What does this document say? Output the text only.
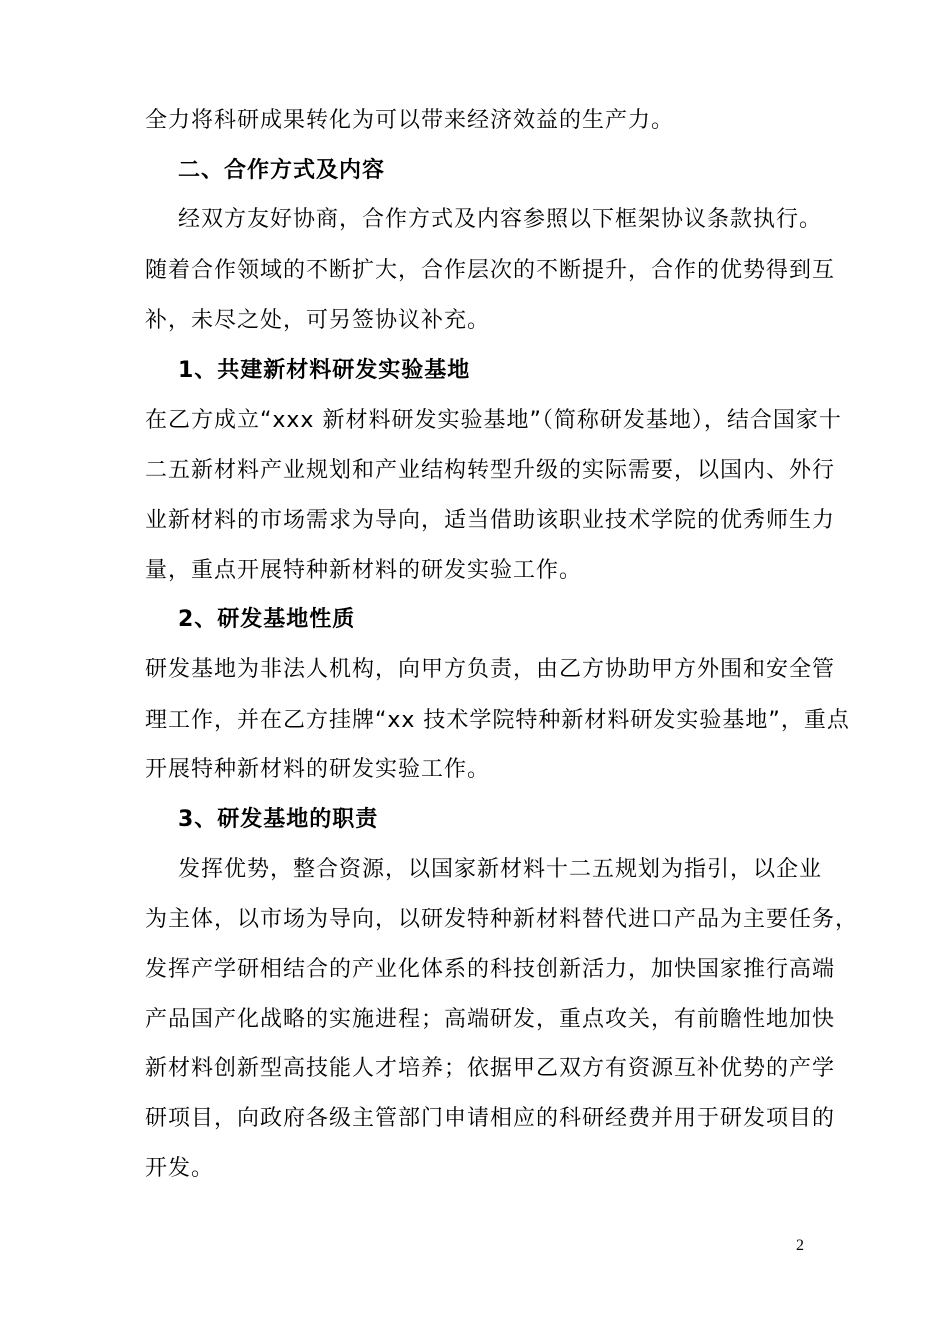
全力将科研成果转化为可以带来经济效益的生产力。
二、合作方式及内容
经双方友好协商，合作方式及内容参照以下框架协议条款执行。
随着合作领域的不断扩大，合作层次的不断提升，合作的优势得到互
补，未尽之处，可另签协议补充。
1、共建新材料研发实验基地
在乙方成立“xxx 新材料研发实验基地”（简称研发基地），结合国家十
二五新材料产业规划和产业结构转型升级的实际需要，以国内、外行
业新材料的市场需求为导向，适当借助该职业技术学院的优秀师生力
量，重点开展特种新材料的研发实验工作。
2、研发基地性质
研发基地为非法人机构，向甲方负责，由乙方协助甲方外围和安全管
理工作，并在乙方挂牌“xx 技术学院特种新材料研发实验基地”，重点
开展特种新材料的研发实验工作。
3、研发基地的职责
发挥优势，整合资源，以国家新材料十二五规划为指引，以企业
为主体，以市场为导向，以研发特种新材料替代进口产品为主要任务，
发挥产学研相结合的产业化体系的科技创新活力，加快国家推行高端
产品国产化战略的实施进程；高端研发，重点攻关，有前瞻性地加快
新材料创新型高技能人才培养；依据甲乙双方有资源互补优势的产学
研项目，向政府各级主管部门申请相应的科研经费并用于研发项目的
开发。
2
